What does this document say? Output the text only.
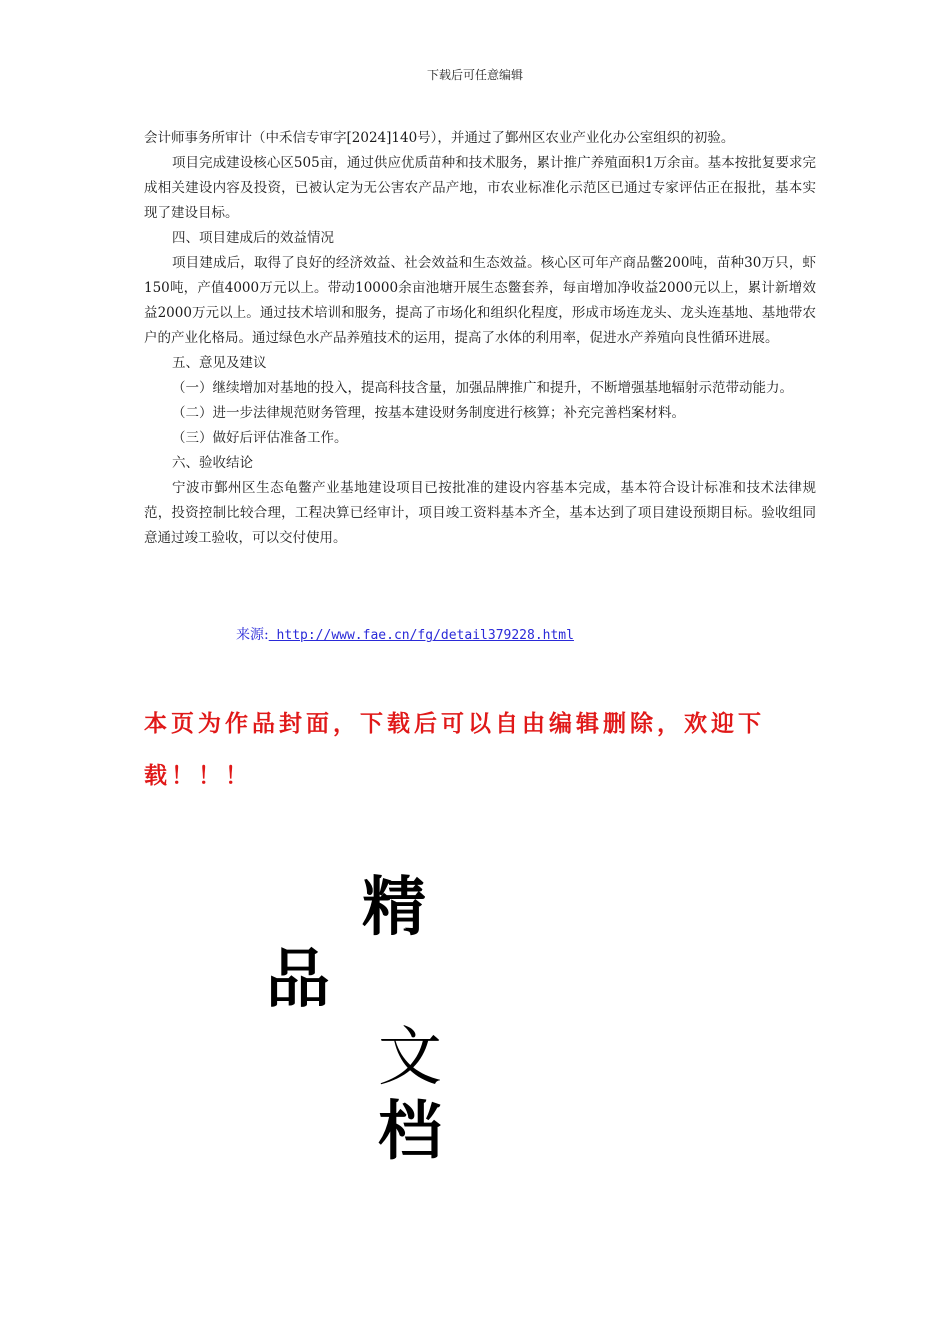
下载后可任意编辑

会计师事务所审计（中禾信专审字[2024]140号），并通过了鄞州区农业产业化办公室组织的初验。

项目完成建设核心区505亩，通过供应优质苗种和技术服务，累计推广养殖面积1万余亩。基本按批复要求完成相关建设内容及投资，已被认定为无公害农产品产地，市农业标准化示范区已通过专家评估正在报批，基本实现了建设目标。

四、项目建成后的效益情况

项目建成后，取得了良好的经济效益、社会效益和生态效益。核心区可年产商品鳖200吨，苗种30万只，虾150吨，产值4000万元以上。带动10000余亩池塘开展生态鳖套养，每亩增加净收益2000元以上，累计新增效益2000万元以上。通过技术培训和服务，提高了市场化和组织化程度，形成市场连龙头、龙头连基地、基地带农户的产业化格局。通过绿色水产品养殖技术的运用，提高了水体的利用率，促进水产养殖向良性循环进展。

五、意见及建议

（一）继续增加对基地的投入，提高科技含量，加强品牌推广和提升，不断增强基地辐射示范带动能力。

（二）进一步法律规范财务管理，按基本建设财务制度进行核算；补充完善档案材料。

（三）做好后评估准备工作。

六、验收结论

宁波市鄞州区生态龟鳖产业基地建设项目已按批准的建设内容基本完成，基本符合设计标准和技术法律规范，投资控制比较合理，工程决算已经审计，项目竣工资料基本齐全，基本达到了项目建设预期目标。验收组同意通过竣工验收，可以交付使用。

来源: http://www.fae.cn/fg/detail379228.html
本页为作品封面，下载后可以自由编辑删除，欢迎下载！！！
精
品
文
档
